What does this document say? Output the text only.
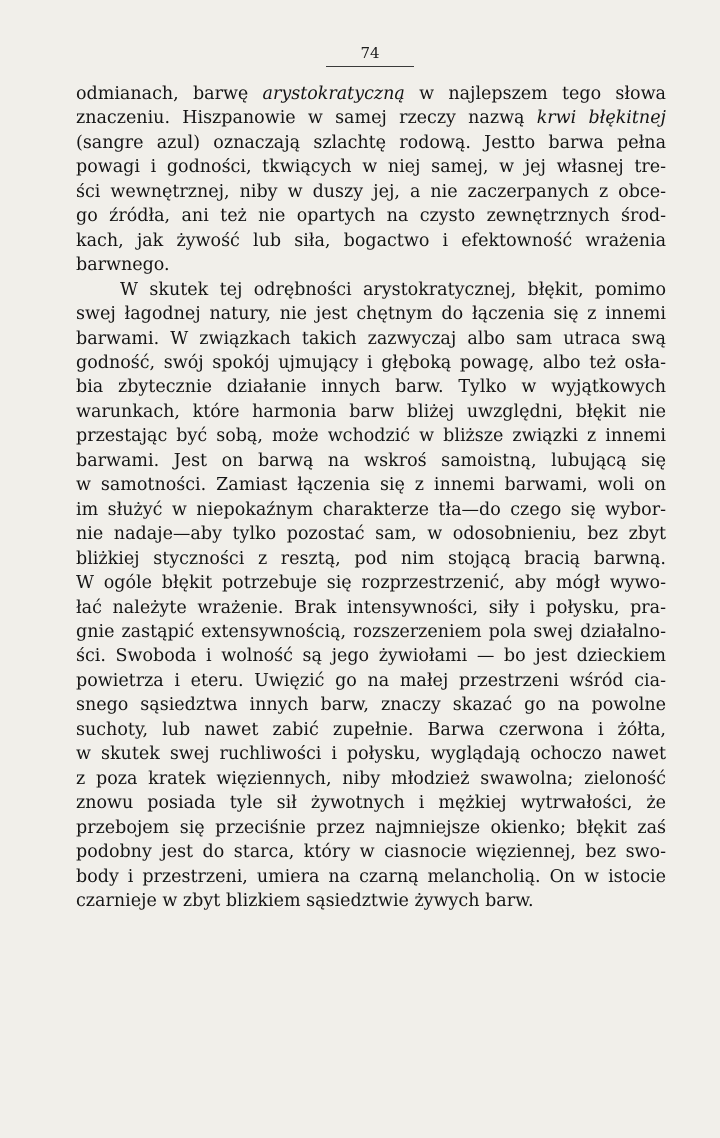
74
odmianach, barwę arystokratyczną w najlepszem tego słowa
znaczeniu. Hiszpanowie w samej rzeczy nazwą krwi błękitnej
(sangre azul) oznaczają szlachtę rodową. Jestto barwa pełna
powagi i godności, tkwiących w niej samej, w jej własnej tre-
ści wewnętrznej, niby w duszy jej, a nie zaczerpanych z obce-
go źródła, ani też nie opartych na czysto zewnętrznych środ-
kach, jak żywość lub siła, bogactwo i efektowność wrażenia
barwnego.
W skutek tej odrębności arystokratycznej, błękit, pomimo
swej łagodnej natury, nie jest chętnym do łączenia się z innemi
barwami. W związkach takich zazwyczaj albo sam utraca swą
godność, swój spokój ujmujący i głęboką powagę, albo też osła-
bia zbytecznie działanie innych barw. Tylko w wyjątkowych
warunkach, które harmonia barw bliżej uwzględni, błękit nie
przestając być sobą, może wchodzić w bliższe związki z innemi
barwami. Jest on barwą na wskroś samoistną, lubującą się
w samotności. Zamiast łączenia się z innemi barwami, woli on
im służyć w niepokaźnym charakterze tła—do czego się wybor-
nie nadaje—aby tylko pozostać sam, w odosobnieniu, bez zbyt
bliżkiej styczności z resztą, pod nim stojącą bracią barwną.
W ogóle błękit potrzebuje się rozprzestrzenić, aby mógł wywo-
łać należyte wrażenie. Brak intensywności, siły i połysku, pra-
gnie zastąpić extensywnością, rozszerzeniem pola swej działalno-
ści. Swoboda i wolność są jego żywiołami — bo jest dzieckiem
powietrza i eteru. Uwięzić go na małej przestrzeni wśród cia-
snego sąsiedztwa innych barw, znaczy skazać go na powolne
suchoty, lub nawet zabić zupełnie. Barwa czerwona i żółta,
w skutek swej ruchliwości i połysku, wyglądają ochoczo nawet
z poza kratek więziennych, niby młodzież swawolna; zieloność
znowu posiada tyle sił żywotnych i mężkiej wytrwałości, że
przebojem się przeciśnie przez najmniejsze okienko; błękit zaś
podobny jest do starca, który w ciasnocie więziennej, bez swo-
body i przestrzeni, umiera na czarną melancholią. On w istocie
czarnieje w zbyt blizkiem sąsiedztwie żywych barw.
